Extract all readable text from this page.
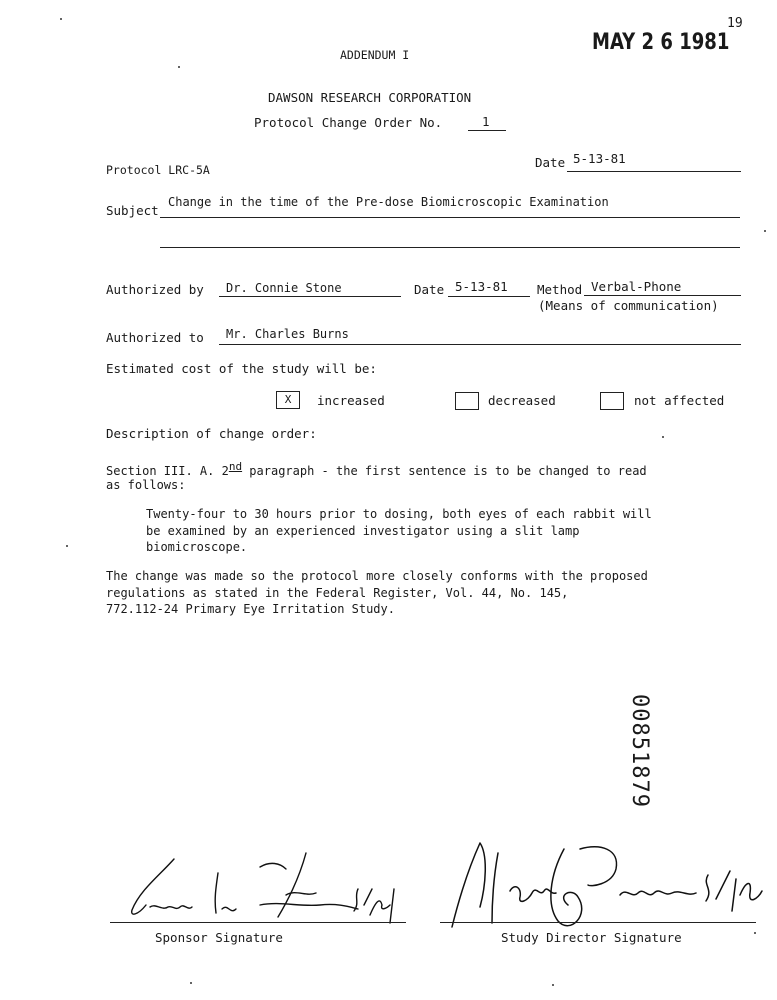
19
MAY 2 6 1981
ADDENDUM I
DAWSON RESEARCH CORPORATION
Protocol Change Order No.	1
Protocol LRC-5A	Date 5-13-81
Subject
Change in the time of the Pre-dose Biomicroscopic Examination
Authorized by Dr. Connie Stone	Date 5-13-81 Method Verbal-Phone
(Means of communication)
Authorized to Mr. Charles Burns
Estimated cost of the study will be:
X	increased	decreased	not affected
Description of change order:
Section III. A. 2nd paragraph - the first sentence is to be changed to read
as follows:
Twenty-four to 30 hours prior to dosing, both eyes of each rabbit will
be examined by an experienced investigator using a slit lamp
biomicroscope.
The change was made so the protocol more closely conforms with the proposed
regulations as stated in the Federal Register, Vol. 44, No. 145,
772.112-24 Primary Eye Irritation Study.
00851879
Sponsor Signature	Study Director Signature
